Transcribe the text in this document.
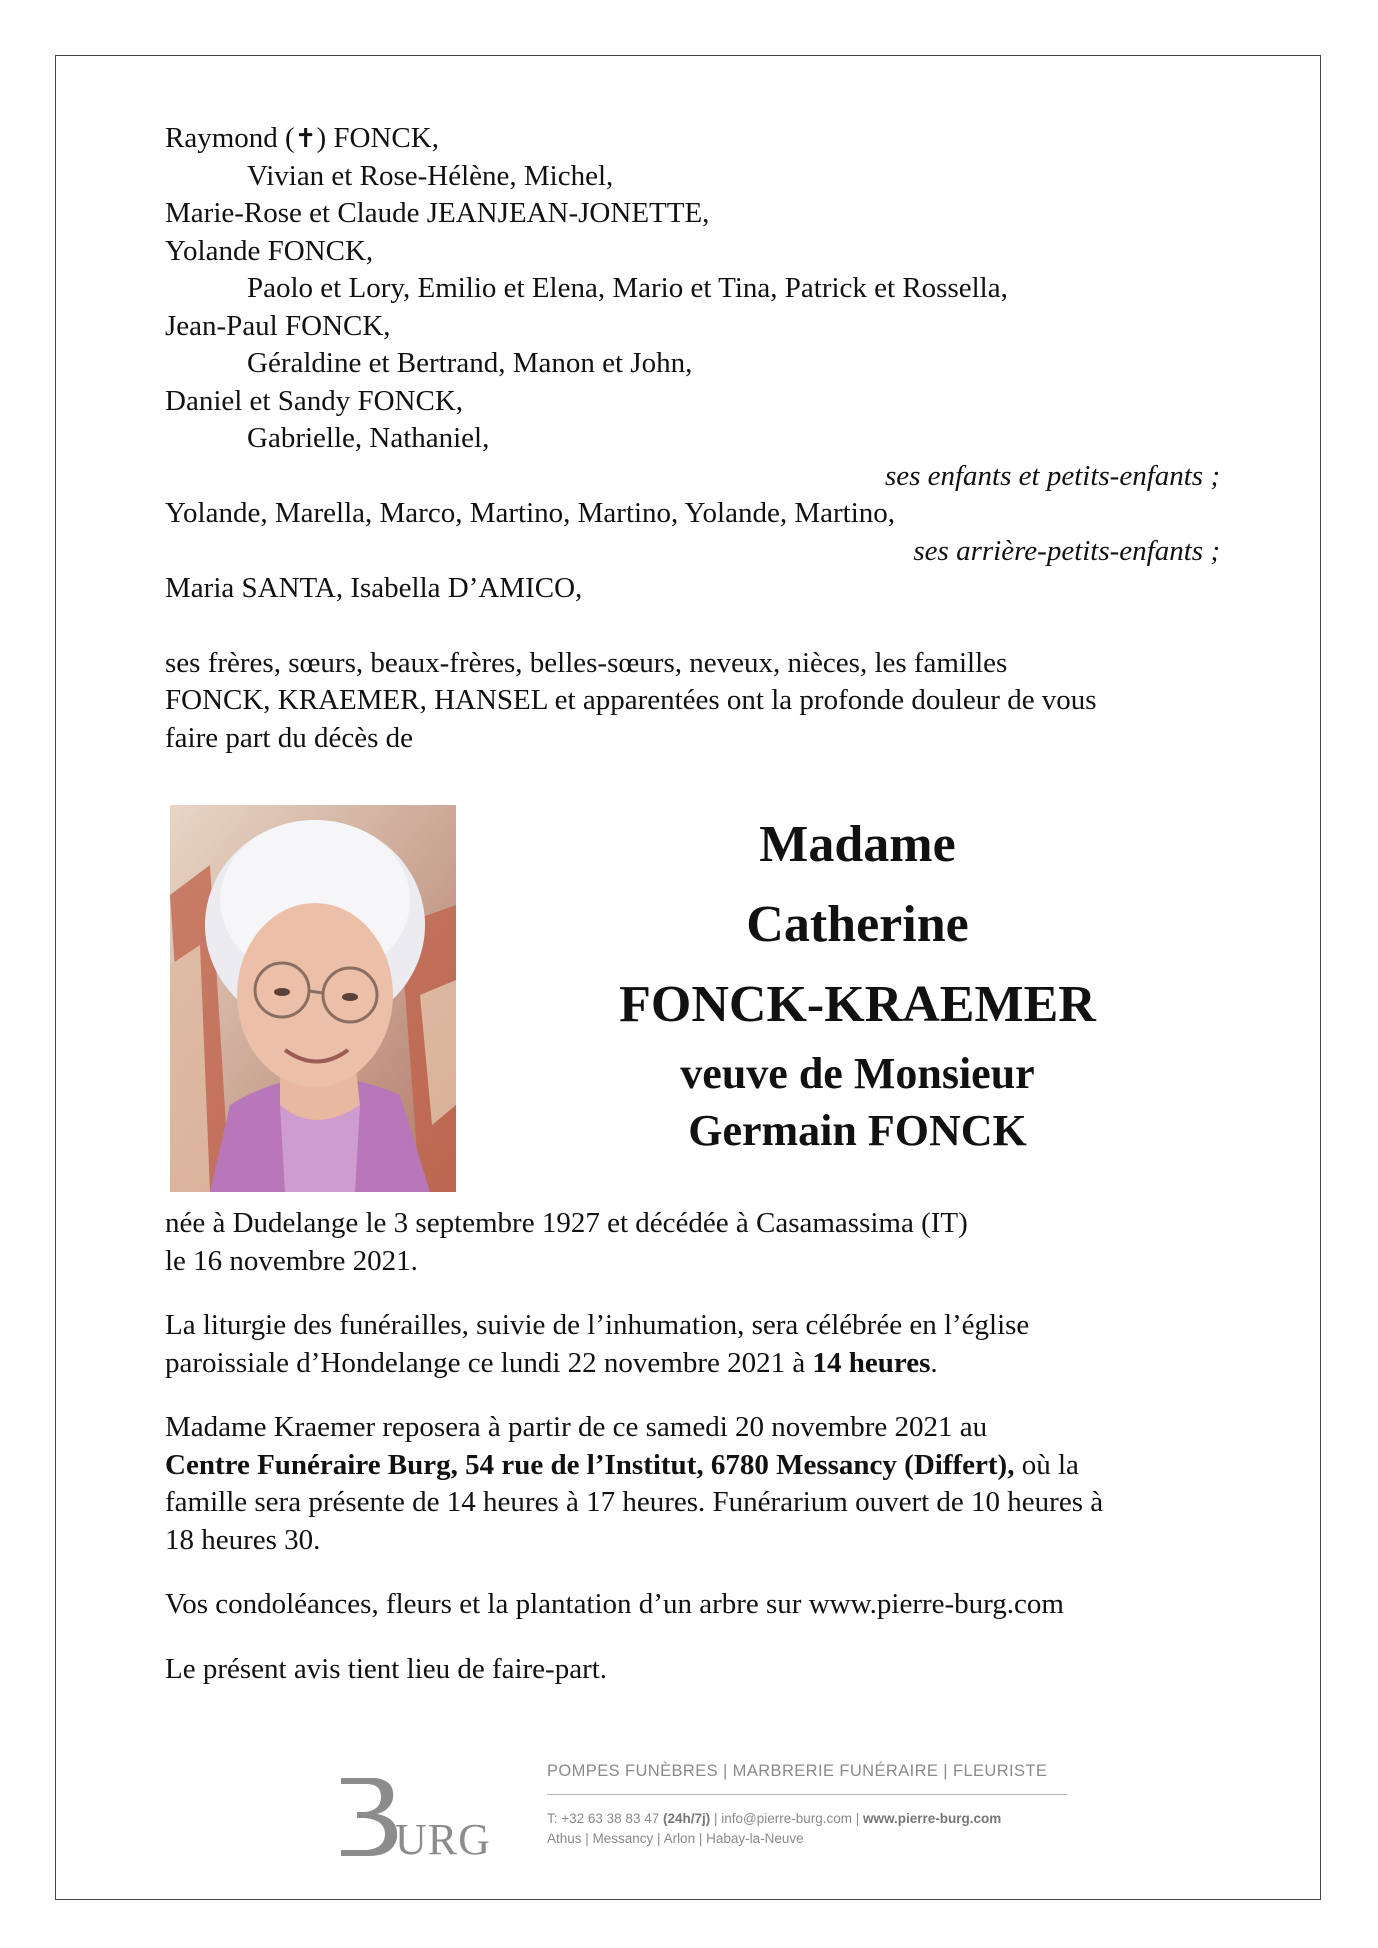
Raymond (✝) FONCK,
Vivian et Rose-Hélène, Michel,
Marie-Rose et Claude JEANJEAN-JONETTE,
Yolande FONCK,
Paolo et Lory, Emilio et Elena, Mario et Tina, Patrick et Rossella,
Jean-Paul FONCK,
Géraldine et Bertrand, Manon et John,
Daniel et Sandy FONCK,
Gabrielle, Nathaniel,
ses enfants et petits-enfants ;
Yolande, Marella, Marco, Martino, Martino, Yolande, Martino,
ses arrière-petits-enfants ;
Maria SANTA, Isabella D’AMICO,
ses frères, sœurs, beaux-frères, belles-sœurs, neveux, nièces, les familles
FONCK, KRAEMER, HANSEL et apparentées ont la profonde douleur de vous
faire part du décès de
Madame
Catherine
FONCK-KRAEMER
veuve de Monsieur
Germain FONCK
née à Dudelange le 3 septembre 1927 et décédée à Casamassima (IT)
le 16 novembre 2021.
La liturgie des funérailles, suivie de l’inhumation, sera célébrée en l’église
paroissiale d’Hondelange ce lundi 22 novembre 2021 à 14 heures.
Madame Kraemer reposera à partir de ce samedi 20 novembre 2021 au
Centre Funéraire Burg, 54 rue de l’Institut, 6780 Messancy (Differt), où la
famille sera présente de 14 heures à 17 heures. Funérarium ouvert de 10 heures à
18 heures 30.
Vos condoléances, fleurs et la plantation d’un arbre sur www.pierre-burg.com
Le présent avis tient lieu de faire-part.
URG
POMPES FUNÈBRES | MARBRERIE FUNÉRAIRE | FLEURISTE
T: +32 63 38 83 47 (24h/7j) | info@pierre-burg.com | www.pierre-burg.com
Athus | Messancy | Arlon | Habay-la-Neuve
